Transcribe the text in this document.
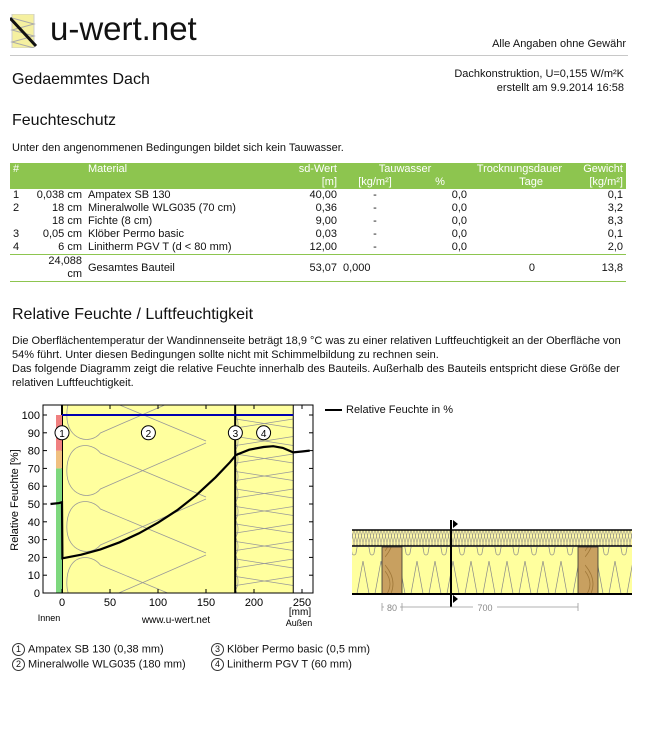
u-wert.net	Alle Angaben ohne Gewähr
Gedaemmtes Dach	Dachkonstruktion, U=0,155 W/m²K
erstellt am 9.9.2014 16:58
Feuchteschutz
Unter den angenommenen Bedingungen bildet sich kein Tauwasser.
#		Material	sd-Wert	Tauwasser		Trocknungsdauer	Gewicht
			[m]	[kg/m²]	%	Tage	[kg/m²]
1	0,038 cm	Ampatex SB 130	40,00	-	0,0		0,1
2	18 cm	Mineralwolle WLG035 (70 cm)	0,36	-	0,0		3,2
	18 cm	Fichte (8 cm)	9,00	-	0,0		8,3
3	0,05 cm	Klöber Permo basic	0,03	-	0,0		0,1
4	6 cm	Linitherm PGV T (d < 80 mm)	12,00	-	0,0		2,0
	24,088 cm	Gesamtes Bauteil	53,07	0,000		0	13,8
Relative Feuchte / Luftfeuchtigkeit
Die Oberflächentemperatur der Wandinnenseite beträgt 18,9 °C was zu einer relativen Luftfeuchtigkeit an der Oberfläche von 54% führt. Unter diesen Bedingungen sollte nicht mit Schimmelbildung zu rechnen sein.
Das folgende Diagramm zeigt die relative Feuchte innerhalb des Bauteils. Außerhalb des Bauteils entspricht diese Größe der relativen Luftfeuchtigkeit.
0
10
20
30
40
50
60
70
80
90
100
0	50	100	150	200	250
1	2	3 4
Relative Feuchte [%]
[mm]
Innen	Außen
www.u-wert.net
Relative Feuchte in %
80	700
1 Ampatex SB 130 (0,38 mm)
2 Mineralwolle WLG035 (180 mm)
3 Klöber Permo basic (0,5 mm)
4 Linitherm PGV T (60 mm)
